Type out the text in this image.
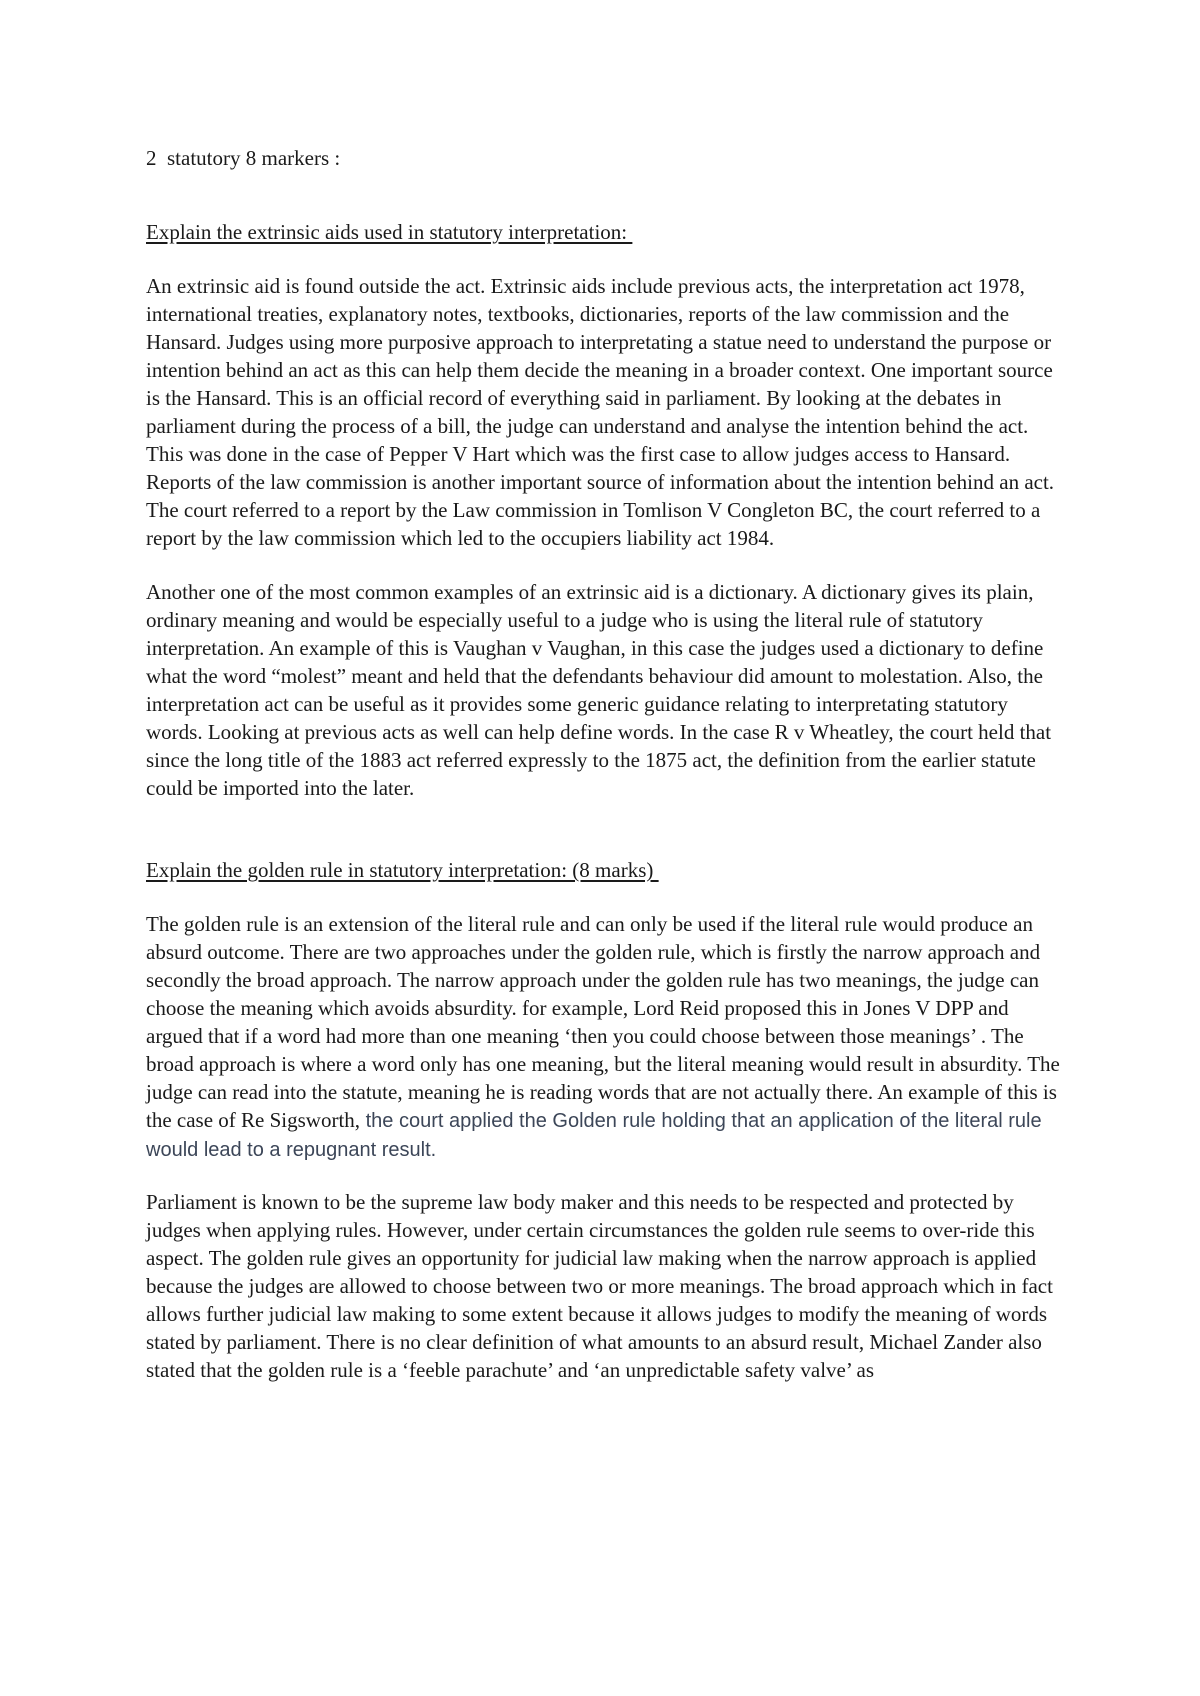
2  statutory 8 markers :
Explain the extrinsic aids used in statutory interpretation:

An extrinsic aid is found outside the act. Extrinsic aids include previous acts, the interpretation act 1978, international treaties, explanatory notes, textbooks, dictionaries, reports of the law commission and the Hansard. Judges using more purposive approach to interpretating a statue need to understand the purpose or intention behind an act as this can help them decide the meaning in a broader context. One important source is the Hansard. This is an official record of everything said in parliament. By looking at the debates in parliament during the process of a bill, the judge can understand and analyse the intention behind the act. This was done in the case of Pepper V Hart which was the first case to allow judges access to Hansard. Reports of the law commission is another important source of information about the intention behind an act. The court referred to a report by the Law commission in Tomlison V Congleton BC, the court referred to a report by the law commission which led to the occupiers liability act 1984.

Another one of the most common examples of an extrinsic aid is a dictionary. A dictionary gives its plain, ordinary meaning and would be especially useful to a judge who is using the literal rule of statutory interpretation. An example of this is Vaughan v Vaughan, in this case the judges used a dictionary to define what the word “molest” meant and held that the defendants behaviour did amount to molestation. Also, the interpretation act can be useful as it provides some generic guidance relating to interpretating statutory words. Looking at previous acts as well can help define words. In the case R v Wheatley, the court held that since the long title of the 1883 act referred expressly to the 1875 act, the definition from the earlier statute could be imported into the later.

Explain the golden rule in statutory interpretation: (8 marks)

The golden rule is an extension of the literal rule and can only be used if the literal rule would produce an absurd outcome. There are two approaches under the golden rule, which is firstly the narrow approach and secondly the broad approach. The narrow approach under the golden rule has two meanings, the judge can choose the meaning which avoids absurdity. for example, Lord Reid proposed this in Jones V DPP and argued that if a word had more than one meaning ‘then you could choose between those meanings’ . The broad approach is where a word only has one meaning, but the literal meaning would result in absurdity. The judge can read into the statute, meaning he is reading words that are not actually there. An example of this is the case of Re Sigsworth, the court applied the Golden rule holding that an application of the literal rule would lead to a repugnant result.

Parliament is known to be the supreme law body maker and this needs to be respected and protected by judges when applying rules. However, under certain circumstances the golden rule seems to over-ride this aspect. The golden rule gives an opportunity for judicial law making when the narrow approach is applied because the judges are allowed to choose between two or more meanings. The broad approach which in fact allows further judicial law making to some extent because it allows judges to modify the meaning of words stated by parliament. There is no clear definition of what amounts to an absurd result, Michael Zander also stated that the golden rule is a ‘feeble parachute’ and ‘an unpredictable safety valve’ as
